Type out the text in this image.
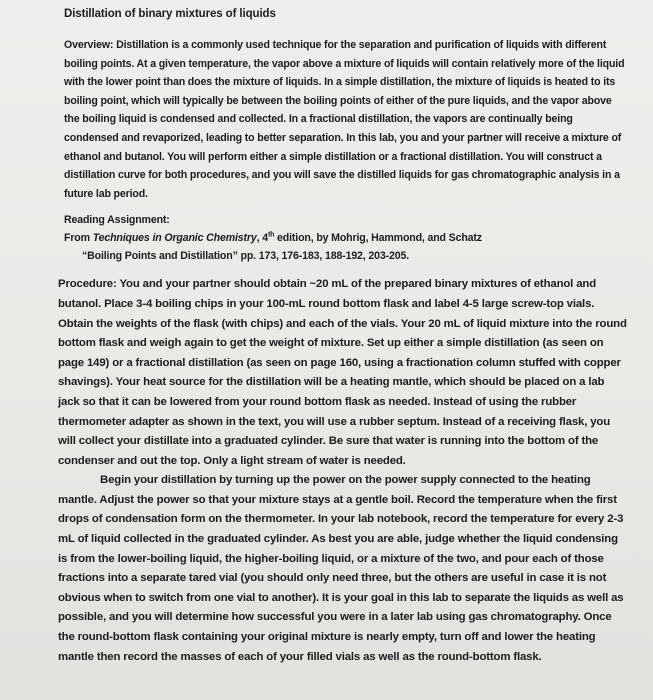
Distillation of binary mixtures of liquids
Overview: Distillation is a commonly used technique for the separation and purification of liquids with different boiling points. At a given temperature, the vapor above a mixture of liquids will contain relatively more of the liquid with the lower point than does the mixture of liquids. In a simple distillation, the mixture of liquids is heated to its boiling point, which will typically be between the boiling points of either of the pure liquids, and the vapor above the boiling liquid is condensed and collected. In a fractional distillation, the vapors are continually being condensed and revaporized, leading to better separation. In this lab, you and your partner will receive a mixture of ethanol and butanol. You will perform either a simple distillation or a fractional distillation. You will construct a distillation curve for both procedures, and you will save the distilled liquids for gas chromatographic analysis in a future lab period.
Reading Assignment:
From Techniques in Organic Chemistry, 4th edition, by Mohrig, Hammond, and Schatz
“Boiling Points and Distillation” pp. 173, 176-183, 188-192, 203-205.

Procedure: You and your partner should obtain ~20 mL of the prepared binary mixtures of ethanol and butanol. Place 3-4 boiling chips in your 100-mL round bottom flask and label 4-5 large screw-top vials. Obtain the weights of the flask (with chips) and each of the vials. Your 20 mL of liquid mixture into the round bottom flask and weigh again to get the weight of mixture. Set up either a simple distillation (as seen on page 149) or a fractional distillation (as seen on page 160, using a fractionation column stuffed with copper shavings). Your heat source for the distillation will be a heating mantle, which should be placed on a lab jack so that it can be lowered from your round bottom flask as needed. Instead of using the rubber thermometer adapter as shown in the text, you will use a rubber septum. Instead of a receiving flask, you will collect your distillate into a graduated cylinder. Be sure that water is running into the bottom of the condenser and out the top. Only a light stream of water is needed.

Begin your distillation by turning up the power on the power supply connected to the heating mantle. Adjust the power so that your mixture stays at a gentle boil. Record the temperature when the first drops of condensation form on the thermometer. In your lab notebook, record the temperature for every 2-3 mL of liquid collected in the graduated cylinder. As best you are able, judge whether the liquid condensing is from the lower-boiling liquid, the higher-boiling liquid, or a mixture of the two, and pour each of those fractions into a separate tared vial (you should only need three, but the others are useful in case it is not obvious when to switch from one vial to another). It is your goal in this lab to separate the liquids as well as possible, and you will determine how successful you were in a later lab using gas chromatography. Once the round-bottom flask containing your original mixture is nearly empty, turn off and lower the heating mantle then record the masses of each of your filled vials as well as the round-bottom flask.
